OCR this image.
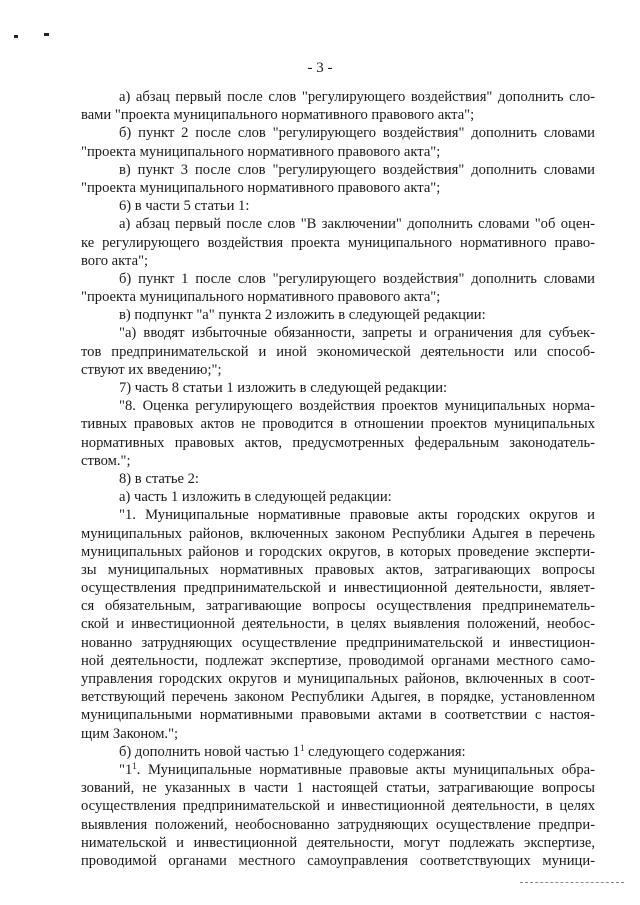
- 3 -
а) абзац первый после слов "регулирующего воздействия" дополнить сло-
вами "проекта муниципального нормативного правового акта";
б) пункт 2 после слов "регулирующего воздействия" дополнить словами
"проекта муниципального нормативного правового акта";
в) пункт 3 после слов "регулирующего воздействия" дополнить словами
"проекта муниципального нормативного правового акта";
6) в части 5 статьи 1:
а) абзац первый после слов "В заключении" дополнить словами "об оцен-
ке регулирующего воздействия проекта муниципального нормативного право-
вого акта";
б) пункт 1 после слов "регулирующего воздействия" дополнить словами
"проекта муниципального нормативного правового акта";
в) подпункт "а" пункта 2 изложить в следующей редакции:
"а) вводят избыточные обязанности, запреты и ограничения для субъек-
тов предпринимательской и иной экономической деятельности или способ-
ствуют их введению;";
7) часть 8 статьи 1 изложить в следующей редакции:
"8. Оценка регулирующего воздействия проектов муниципальных норма-
тивных правовых актов не проводится в отношении проектов муниципальных
нормативных правовых актов, предусмотренных федеральным законодатель-
ством.";
8) в статье 2:
а) часть 1 изложить в следующей редакции:
"1. Муниципальные нормативные правовые акты городских округов и
муниципальных районов, включенных законом Республики Адыгея в перечень
муниципальных районов и городских округов, в которых проведение эксперти-
зы муниципальных нормативных правовых актов, затрагивающих вопросы
осуществления предпринимательской и инвестиционной деятельности, являет-
ся обязательным, затрагивающие вопросы осуществления предпринематель-
ской и инвестиционной деятельности, в целях выявления положений, необос-
нованно затрудняющих осуществление предпринимательской и инвестицион-
ной деятельности, подлежат экспертизе, проводимой органами местного само-
управления городских округов и муниципальных районов, включенных в соот-
ветствующий перечень законом Республики Адыгея, в порядке, установленном
муниципальными нормативными правовыми актами в соответствии с настоя-
щим Законом.";
б) дополнить новой частью $1^1$ следующего содержания:
"$1^1$. Муниципальные нормативные правовые акты муниципальных обра-
зований, не указанных в части 1 настоящей статьи, затрагивающие вопросы
осуществления предпринимательской и инвестиционной деятельности, в целях
выявления положений, необоснованно затрудняющих осуществление предпри-
нимательской и инвестиционной деятельности, могут подлежать экспертизе,
проводимой органами местного самоуправления соответствующих муници-
